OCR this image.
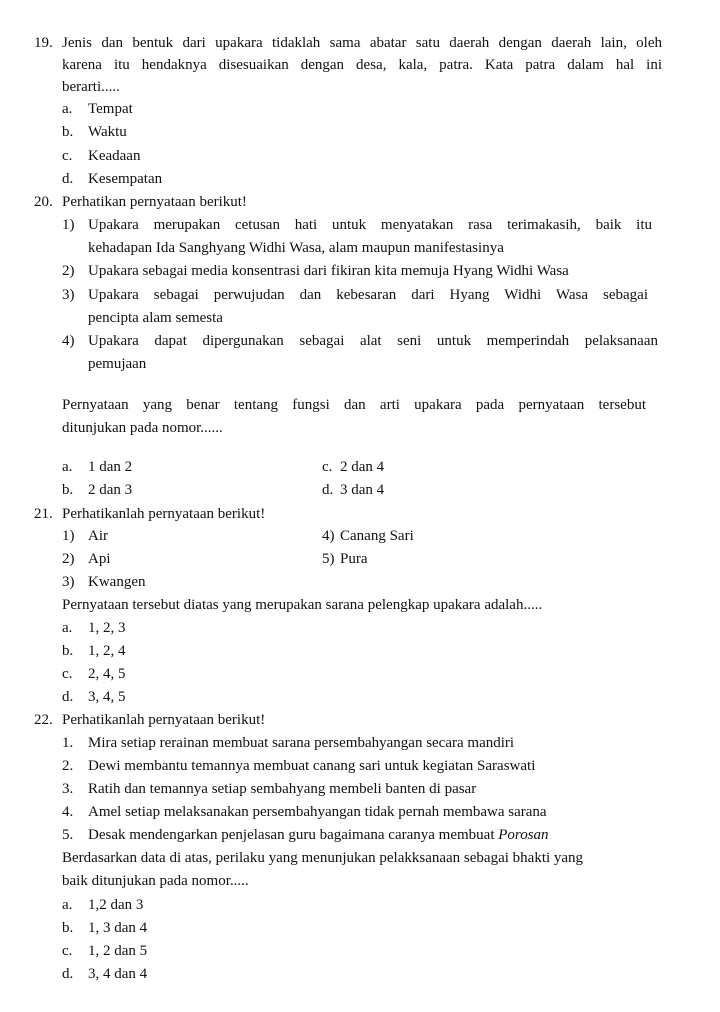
19. Jenis dan bentuk dari upakara tidaklah sama abatar satu daerah dengan daerah lain, oleh
karena itu hendaknya disesuaikan dengan desa, kala, patra. Kata patra dalam hal ini
berarti.....
a. Tempat
b. Waktu
c. Keadaan
d. Kesempatan
20. Perhatikan pernyataan berikut!
1) Upakara merupakan cetusan hati untuk menyatakan rasa terimakasih, baik itu
kehadapan Ida Sanghyang Widhi Wasa, alam maupun manifestasinya
2) Upakara sebagai media konsentrasi dari fikiran kita memuja Hyang Widhi Wasa
3) Upakara sebagai perwujudan dan kebesaran dari Hyang Widhi Wasa sebagai
pencipta alam semesta
4) Upakara dapat dipergunakan sebagai alat seni untuk memperindah pelaksanaan
pemujaan
Pernyataan yang benar tentang fungsi dan arti upakara pada pernyataan tersebut
ditunjukan pada nomor......
a. 1 dan 2	c. 2 dan 4
b. 2 dan 3	d. 3 dan 4
21. Perhatikanlah pernyataan berikut!
1) Air	4) Canang Sari
2) Api	5) Pura
3) Kwangen
Pernyataan tersebut diatas yang merupakan sarana pelengkap upakara adalah.....
a. 1, 2, 3
b. 1, 2, 4
c. 2, 4, 5
d. 3, 4, 5
22. Perhatikanlah pernyataan berikut!
1. Mira setiap rerainan membuat sarana persembahyangan secara mandiri
2. Dewi membantu temannya membuat canang sari untuk kegiatan Saraswati
3. Ratih dan temannya setiap sembahyang membeli banten di pasar
4. Amel setiap melaksanakan persembahyangan tidak pernah membawa sarana
5. Desak mendengarkan penjelasan guru bagaimana caranya membuat Porosan
Berdasarkan data di atas, perilaku yang menunjukan pelakksanaan sebagai bhakti yang
baik ditunjukan pada nomor.....
a. 1,2 dan 3
b. 1, 3 dan 4
c. 1, 2 dan 5
d. 3, 4 dan 4
